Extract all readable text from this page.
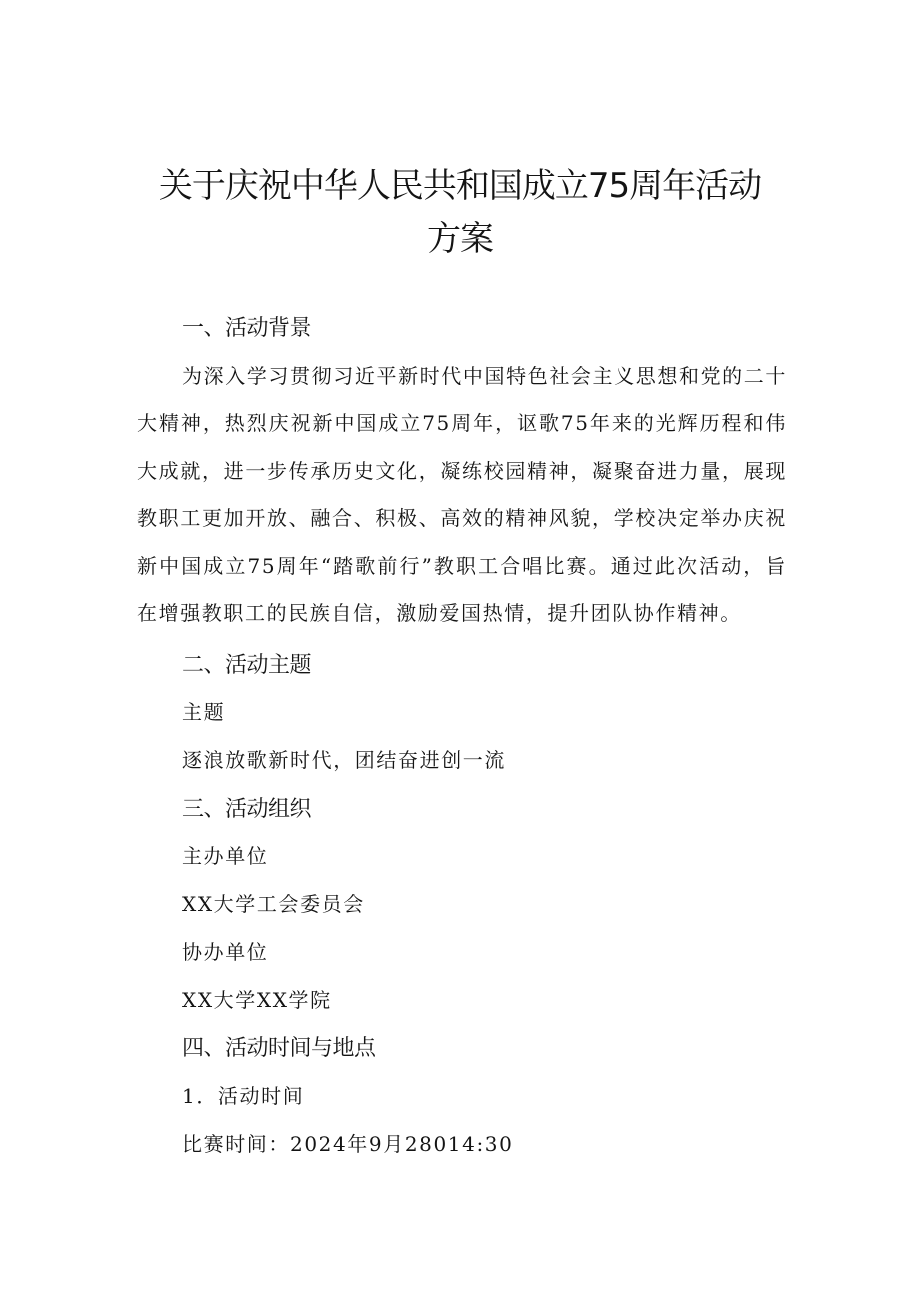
关于庆祝中华人民共和国成立75周年活动
方案
一、活动背景

为深入学习贯彻习近平新时代中国特色社会主义思想和党的二十大精神，热烈庆祝新中国成立75周年，讴歌75年来的光辉历程和伟大成就，进一步传承历史文化，凝练校园精神，凝聚奋进力量，展现教职工更加开放、融合、积极、高效的精神风貌，学校决定举办庆祝新中国成立75周年“踏歌前行”教职工合唱比赛。通过此次活动，旨在增强教职工的民族自信，激励爱国热情，提升团队协作精神。

二、活动主题

主题

逐浪放歌新时代，团结奋进创一流

三、活动组织

主办单位

XX大学工会委员会

协办单位

XX大学XX学院

四、活动时间与地点

1．活动时间

比赛时间：2024年9月28014:30
